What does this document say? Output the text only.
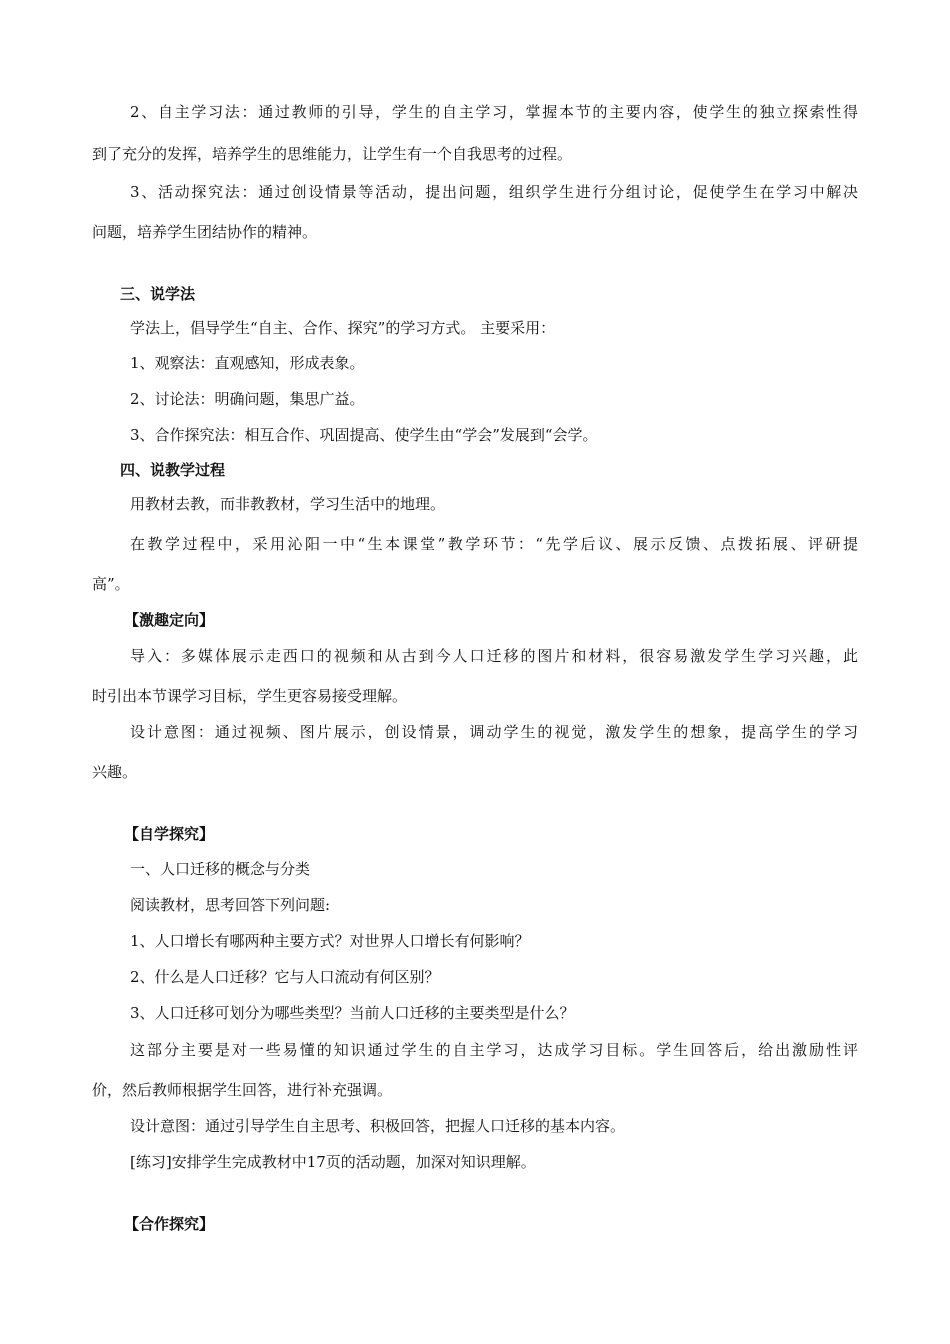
2、自主学习法：通过教师的引导，学生的自主学习，掌握本节的主要内容，使学生的独立探索性得
到了充分的发挥，培养学生的思维能力，让学生有一个自我思考的过程。
3、活动探究法：通过创设情景等活动，提出问题，组织学生进行分组讨论，促使学生在学习中解决
问题，培养学生团结协作的精神。
三、说学法
学法上，倡导学生“自主、合作、探究”的学习方式。 主要采用：
1、观察法：直观感知，形成表象。
2、讨论法：明确问题，集思广益。
3、合作探究法：相互合作、巩固提高、使学生由“学会”发展到“会学。
四、说教学过程
用教材去教，而非教教材，学习生活中的地理。
在教学过程中，采用沁阳一中“生本课堂”教学环节：“先学后议、展示反馈、点拨拓展、评研提
高”。
【激趣定向】
导入：多媒体展示走西口的视频和从古到今人口迁移的图片和材料，很容易激发学生学习兴趣，此
时引出本节课学习目标，学生更容易接受理解。
设计意图：通过视频、图片展示，创设情景，调动学生的视觉，激发学生的想象，提高学生的学习
兴趣。
【自学探究】
一、人口迁移的概念与分类
阅读教材，思考回答下列问题:
1、人口增长有哪两种主要方式？对世界人口增长有何影响？
2、什么是人口迁移？它与人口流动有何区别？
3、人口迁移可划分为哪些类型？当前人口迁移的主要类型是什么？
这部分主要是对一些易懂的知识通过学生的自主学习，达成学习目标。学生回答后，给出激励性评
价，然后教师根据学生回答，进行补充强调。
设计意图：通过引导学生自主思考、积极回答，把握人口迁移的基本内容。
[练习]安排学生完成教材中17页的活动题，加深对知识理解。
【合作探究】
